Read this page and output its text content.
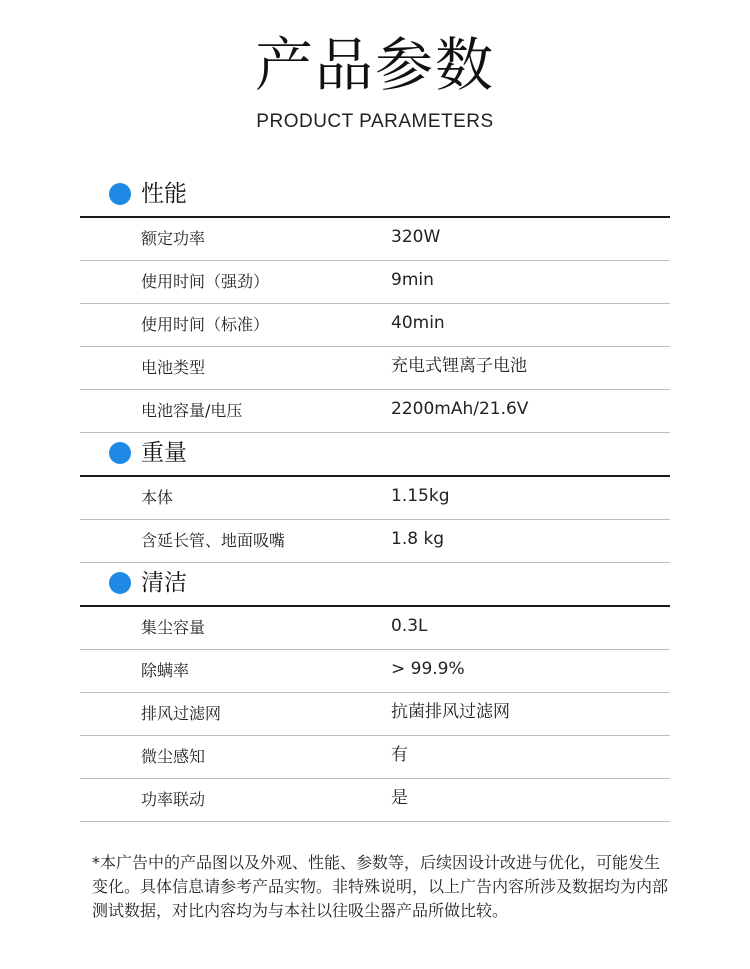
产品参数
PRODUCT PARAMETERS
性能
额定功率	320W
使用时间（强劲）	9min
使用时间（标准）	40min
电池类型	充电式锂离子电池
电池容量/电压	2200mAh/21.6V
重量
本体	1.15kg
含延长管、地面吸嘴	1.8 kg
清洁
集尘容量	0.3L
除螨率	> 99.9%
排风过滤网	抗菌排风过滤网
微尘感知	有
功率联动	是
*本广告中的产品图以及外观、性能、参数等，后续因设计改进与优化，可能发生变化。具体信息请参考产品实物。非特殊说明，以上广告内容所涉及数据均为内部测试数据，对比内容均为与本社以往吸尘器产品所做比较。
